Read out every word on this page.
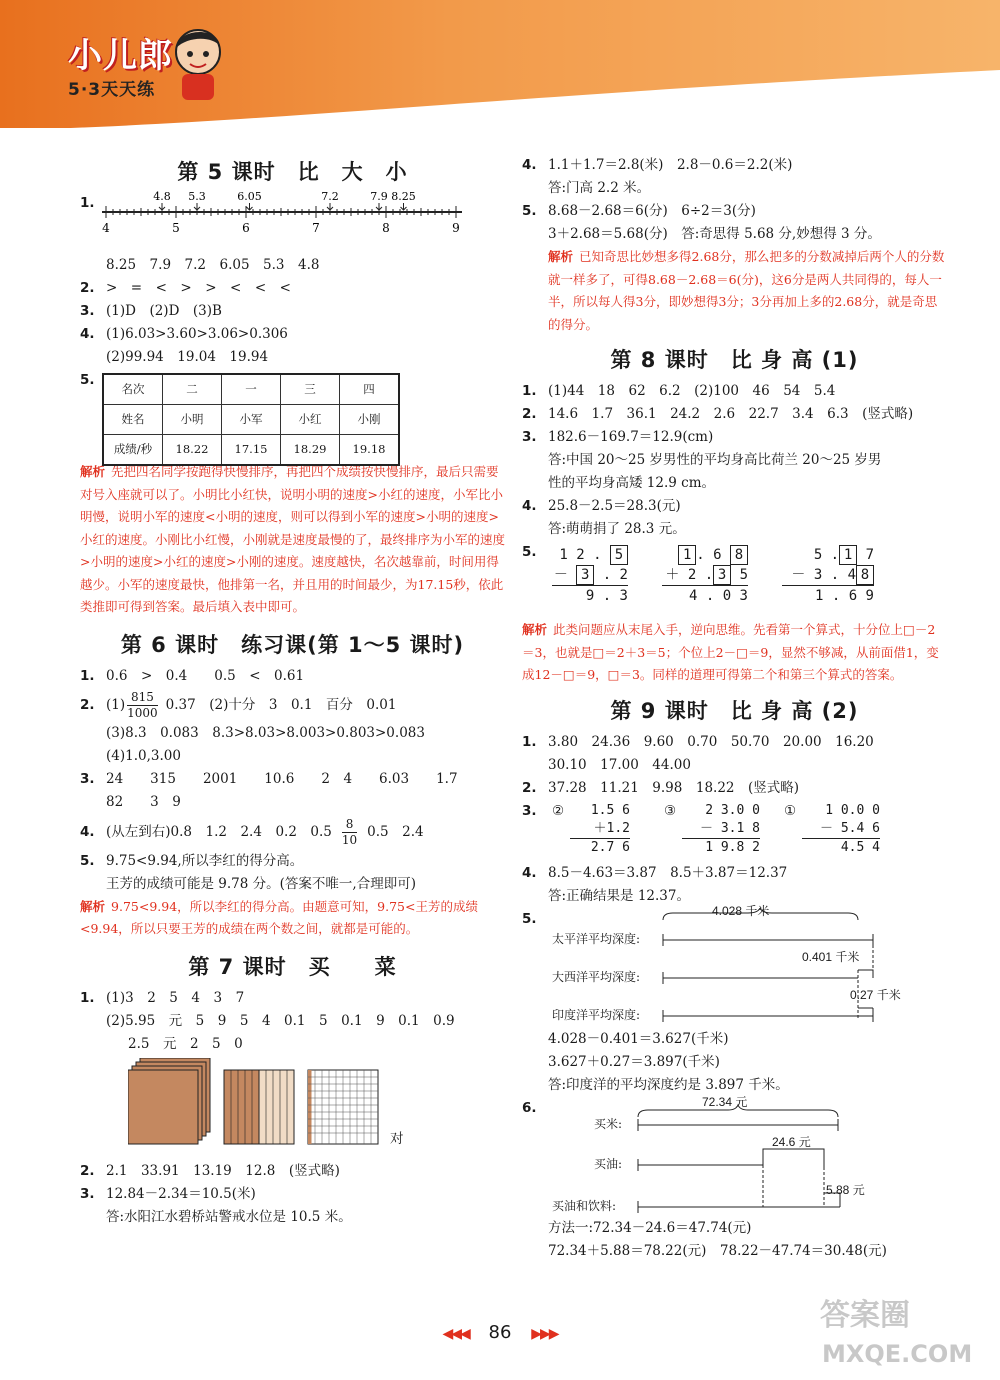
小儿郎
5·3天天练
第 5 课时　比　大　小
1.
4	5	6	7	8	9
4.8 5.3	6.05	7.2	7.9 8.25
8.25　7.9　7.2　6.05　5.3　4.8
2. >　=　<　>　>　<　<　<
3. (1)D　(2)D　(3)B
4. (1)6.03>3.60>3.06>0.306
(2)99.94　19.04　19.94
5.
名次	二	一	三	四
姓名	小明	小军	小红	小刚
成绩/秒	18.22	17.15	18.29	19.18
解析 先把四名同学按跑得快慢排序，再把四个成绩按快慢排序，最后只需要对号入座就可以了。小明比小红快，说明小明的速度>小红的速度，小军比小明慢，说明小军的速度<小明的速度，则可以得到小军的速度>小明的速度>小红的速度。小刚比小红慢，小刚就是速度最慢的了，最终排序为小军的速度>小明的速度>小红的速度>小刚的速度。速度越快，名次越靠前，时间用得越少。小军的速度最快，他排第一名，并且用的时间最少，为17.15秒，依此类推即可得到答案。最后填入表中即可。
第 6 课时　练习课(第 1～5 课时)
1. 0.6　>　0.4　　0.5　<　0.61
2. $(1) \frac{815}{1000} 0.37$　(2)十分　3　0.1　百分　0.01
(3)8.3　0.083　8.3>8.03>8.003>0.803>0.083
(4)1.0,3.00
3. 24　　315　　2001　　10.6　　2　4　　6.03　　1.7
82　　3　9
4. (从左到右)0.8　1.2　2.4　0.2　$0.5 \frac{8}{10} 0.5$　2.4
5. 9.75<9.94,所以李红的得分高。
王芳的成绩可能是 9.78 分。(答案不唯一,合理即可)
解析 9.75<9.94，所以李红的得分高。由题意可知，9.75<王芳的成绩<9.94，所以只要王芳的成绩在两个数之间，就都是可能的。
第 7 课时　买　　菜
1. (1)3　2　5　4　3　7
(2)5.95　元　5　9　5　4　0.1　5　0.1　9　0.1　0.9
2.5　元　2　5　0
对
2. 2.1　33.91　13.19　12.8　(竖式略)
3. 12.84－2.34＝10.5(米)
答:水阳江水碧桥站警戒水位是 10.5 米。
4. 1.1＋1.7＝2.8(米)　2.8－0.6＝2.2(米)
答:门高 2.2 米。
5. 8.68－2.68＝6(分)　6÷2＝3(分)
3＋2.68＝5.68(分)　答:奇思得 5.68 分,妙想得 3 分。
解析 已知奇思比妙想多得2.68分，那么把多的分数减掉后两个人的分数就一样多了，可得8.68－2.68＝6(分)，这6分是两人共同得的，每人一半，所以每人得3分，即妙想得3分；3分再加上多的2.68分，就是奇思的得分。
第 8 课时　比 身 高 (1)
1. (1)44　18　62　6.2　(2)100　46　54　5.4
2. 14.6　1.7　36.1　24.2　2.6　22.7　3.4　6.3　(竖式略)
3. 182.6－169.7＝12.9(cm)
答:中国 20～25 岁男性的平均身高比荷兰 20～25 岁男
性的平均身高矮 12.9 cm。
4. 25.8－2.5＝28.3(元)
答:萌萌捐了 28.3 元。
5.	1 2 . 5
－ 3 . 2
9 . 3
1 . 6 8
＋ 2 . 3 5
4 . 0 3
5 . 1 7
－ 3 . 4 8
1 . 6 9
解析 此类问题应从末尾入手，逆向思维。先看第一个算式，十分位上□－2＝3，也就是□＝2＋3＝5；个位上2－□＝9，显然不够减，从前面借1，变成12－□＝9，□＝3。同样的道理可得第二个和第三个算式的答案。
第 9 课时　比 身 高 (2)
1. 3.80　24.36　9.60　0.70　50.70　20.00　16.20
30.10　17.00　44.00
2. 37.28　11.21　9.98　18.22　(竖式略)
3.	②	1.5 6
＋1.2
2.7 6
③	2 3.0 0
－ 3.1 8
1 9.8 2
①	1 0.0 0
－ 5.4 6
4.5 4
4. 8.5－4.63＝3.87　8.5＋3.87＝12.37
答:正确结果是 12.37。
5.	4.028 千米
太平洋平均深度:
0.401 千米
大西洋平均深度:
0.27 千米
印度洋平均深度:
4.028－0.401＝3.627(千米)
3.627＋0.27＝3.897(千米)
答:印度洋的平均深度约是 3.897 千米。
6.	72.34 元
买米:
24.6 元
买油:
5.88 元
买油和饮料:
方法一:72.34－24.6＝47.74(元)
72.34＋5.88＝78.22(元)　78.22－47.74＝30.48(元)
◀◀◀ 86 ▶▶▶
答案圈
MXQE.COM
